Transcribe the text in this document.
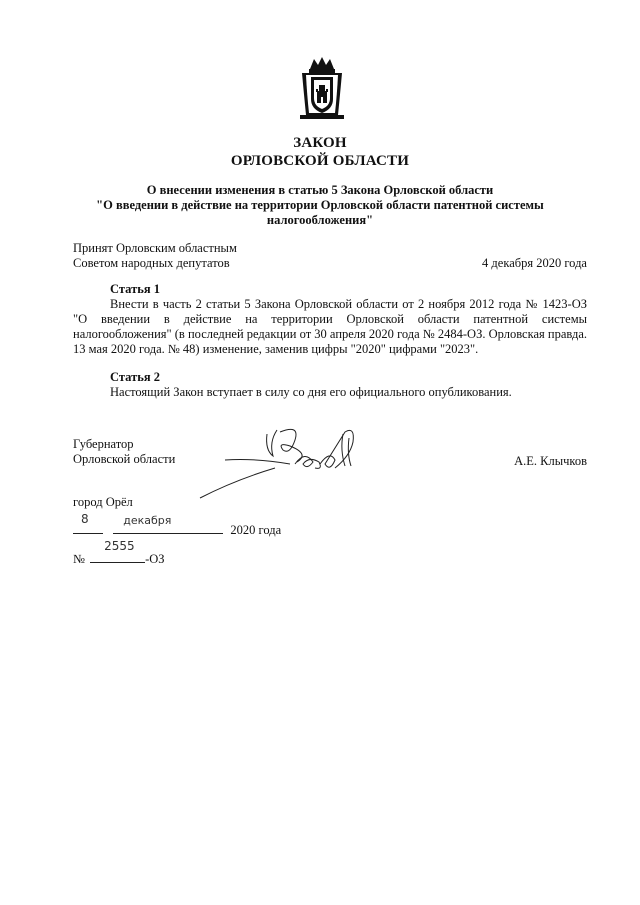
ЗАКОН
ОРЛОВСКОЙ ОБЛАСТИ
О внесении изменения в статью 5 Закона Орловской области
"О введении в действие на территории Орловской области патентной системы
налогообложения"
Принят Орловским областным
Советом народных депутатов	4 декабря 2020 года
Статья 1
Внести в часть 2 статьи 5 Закона Орловской области от 2 ноября 2012 года № 1423-ОЗ "О введении в действие на территории Орловской области патентной системы налогообложения" (в последней редакции от 30 апреля 2020 года № 2484-ОЗ. Орловская правда. 13 мая 2020 года. № 48) изменение, заменив цифры "2020" цифрами "2023".
Статья 2
Настоящий Закон вступает в силу со дня его официального опубликования.
Губернатор
Орловской области	А.Е. Клычков
город Орёл
8
	декабря
2020 года
№
2555
-ОЗ
